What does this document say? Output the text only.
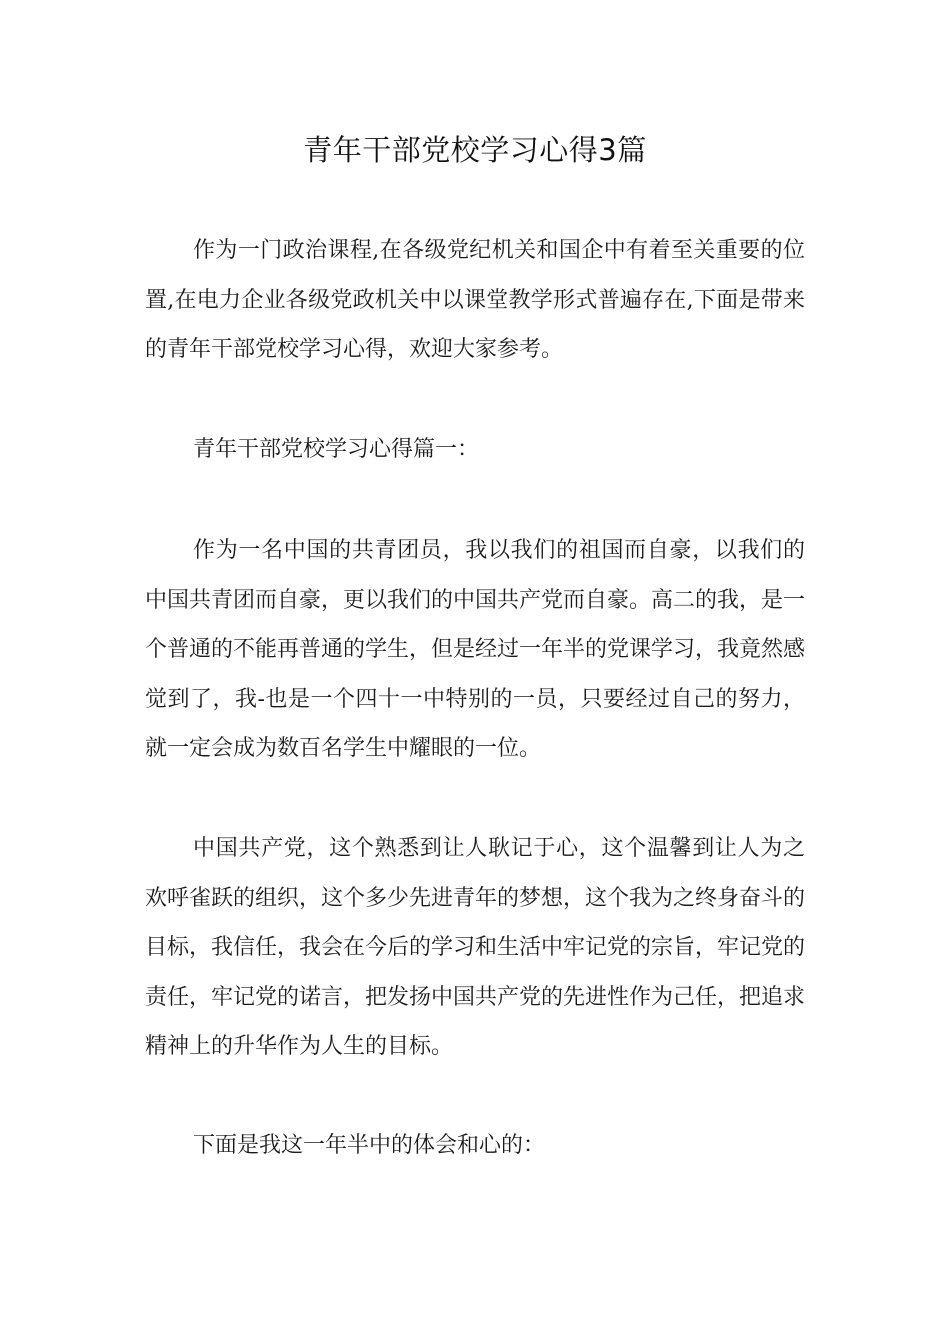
青年干部党校学习心得3篇

作为一门政治课程,在各级党纪机关和国企中有着至关重要的位置,在电力企业各级党政机关中以课堂教学形式普遍存在,下面是带来的青年干部党校学习心得，欢迎大家参考。

青年干部党校学习心得篇一：

作为一名中国的共青团员，我以我们的祖国而自豪，以我们的中国共青团而自豪，更以我们的中国共产党而自豪。高二的我，是一个普通的不能再普通的学生，但是经过一年半的党课学习，我竟然感觉到了，我-也是一个四十一中特别的一员，只要经过自己的努力，就一定会成为数百名学生中耀眼的一位。

中国共产党，这个熟悉到让人耿记于心，这个温馨到让人为之欢呼雀跃的组织，这个多少先进青年的梦想，这个我为之终身奋斗的目标，我信任，我会在今后的学习和生活中牢记党的宗旨，牢记党的责任，牢记党的诺言，把发扬中国共产党的先进性作为己任，把追求精神上的升华作为人生的目标。

下面是我这一年半中的体会和心的：
